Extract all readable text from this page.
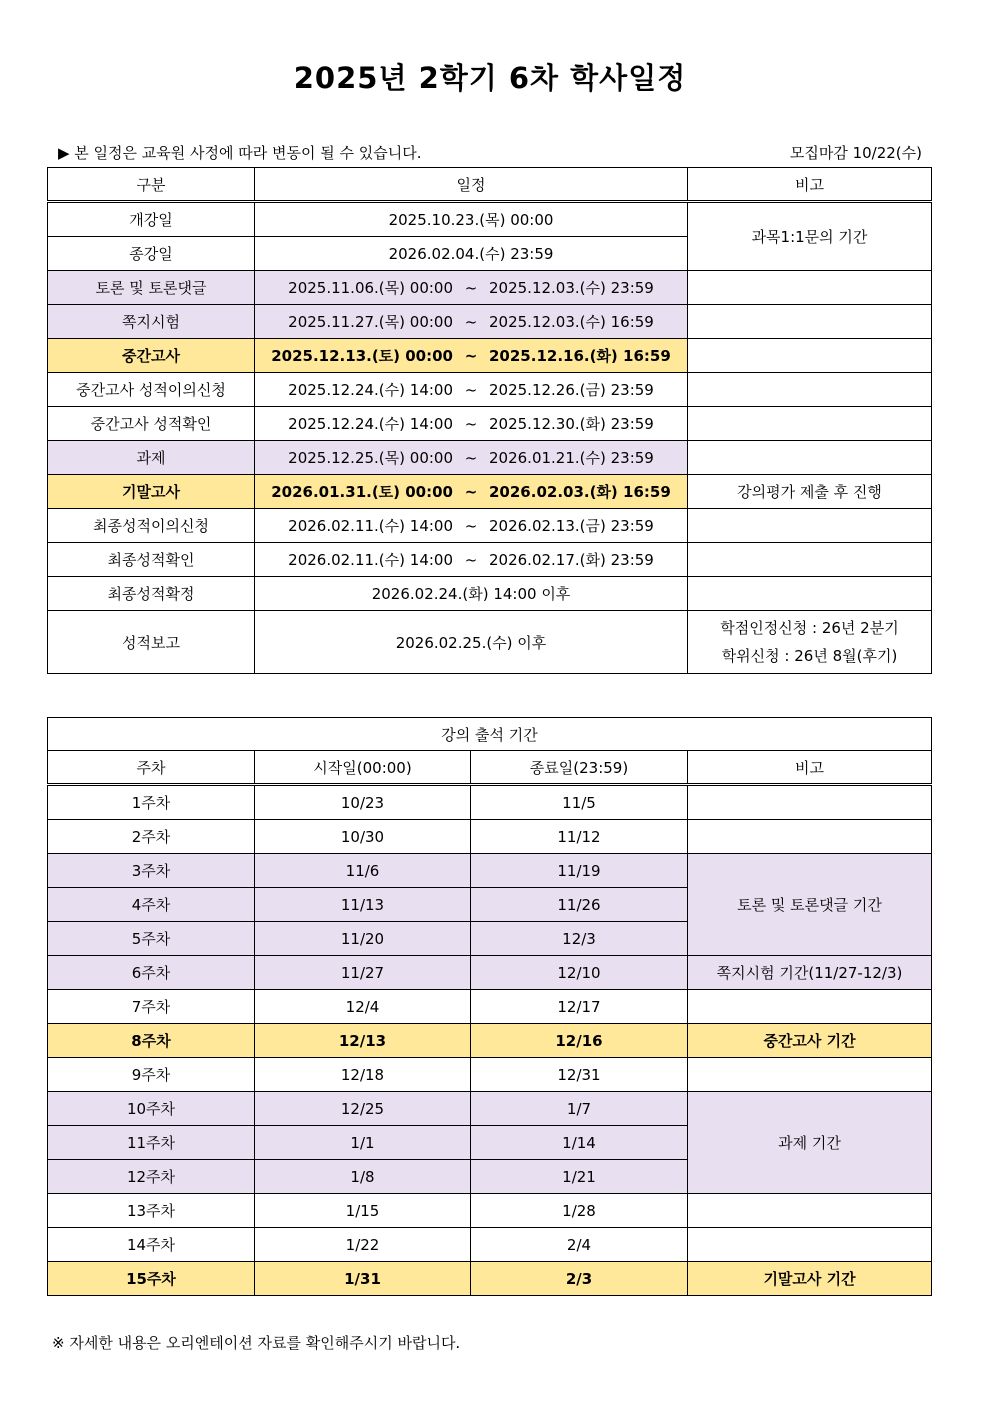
2025년 2학기 6차 학사일정
▶ 본 일정은 교육원 사정에 따라 변동이 될 수 있습니다.	모집마감 10/22(수)
구분	일정	비고
개강일	2025.10.23.(목) 00:00	과목1:1문의 기간
종강일	2026.02.04.(수) 23:59	
토론 및 토론댓글	2025.11.06.(목) 00:00 ~ 2025.12.03.(수) 23:59	
쪽지시험	2025.11.27.(목) 00:00 ~ 2025.12.03.(수) 16:59	
중간고사	2025.12.13.(토) 00:00 ~ 2025.12.16.(화) 16:59	
중간고사 성적이의신청	2025.12.24.(수) 14:00 ~ 2025.12.26.(금) 23:59	
중간고사 성적확인	2025.12.24.(수) 14:00 ~ 2025.12.30.(화) 23:59	
과제	2025.12.25.(목) 00:00 ~ 2026.01.21.(수) 23:59	
기말고사	2026.01.31.(토) 00:00 ~ 2026.02.03.(화) 16:59	강의평가 제출 후 진행
최종성적이의신청	2026.02.11.(수) 14:00 ~ 2026.02.13.(금) 23:59	
최종성적확인	2026.02.11.(수) 14:00 ~ 2026.02.17.(화) 23:59	
최종성적확정	2026.02.24.(화) 14:00 이후	
성적보고	2026.02.25.(수) 이후	학점인정신청 : 26년 2분기
학위신청 : 26년 8월(후기)
강의 출석 기간			
주차	시작일(00:00)	종료일(23:59)	비고
1주차	10/23	11/5	
2주차	10/30	11/12	
3주차	11/6	11/19	토론 및 토론댓글 기간
4주차	11/13	11/26	
5주차	11/20	12/3	
6주차	11/27	12/10	쪽지시험 기간(11/27-12/3)
7주차	12/4	12/17	
8주차	12/13	12/16	중간고사 기간
9주차	12/18	12/31	
10주차	12/25	1/7	과제 기간
11주차	1/1	1/14	
12주차	1/8	1/21	
13주차	1/15	1/28	
14주차	1/22	2/4	
15주차	1/31	2/3	기말고사 기간
※ 자세한 내용은 오리엔테이션 자료를 확인해주시기 바랍니다.
